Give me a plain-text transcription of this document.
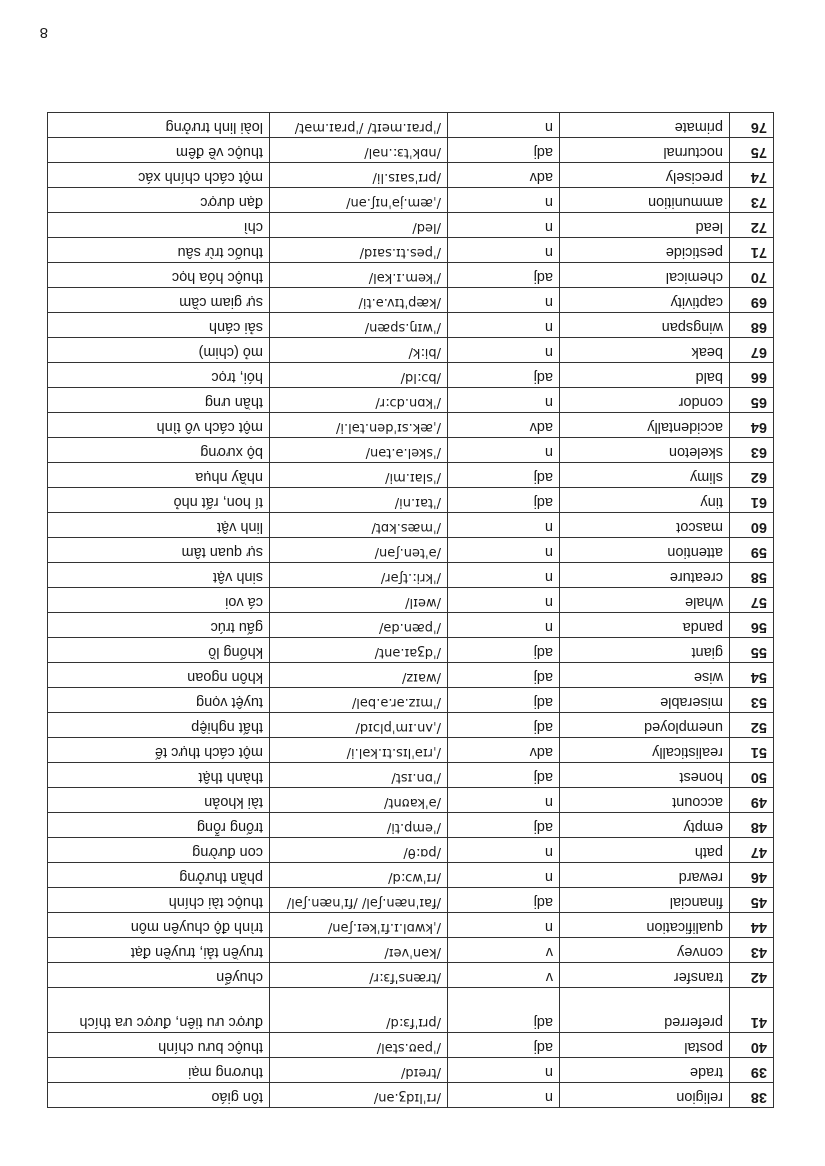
8
38	religion	n	/rɪˈlɪdʒ.ən/	tôn giáo
39	trade	n	/treɪd/	thương mại
40	postal	adj	/ˈpəʊ.stəl/	thuộc bưu chính
41	preferred	adj	/prɪˈfɜːd/	được ưu tiên, được ưa thích
42	transfer	v	/træns'fɜːr/	chuyển
43	convey	v	/kənˈveɪ/	truyền tải, truyền đạt
44	qualification	n	/ˌkwɒl.ɪ.fɪˈkeɪ.ʃən/	trình độ chuyên môn
45	financial	adj	/faɪˈnæn.ʃəl/ /fɪˈnæn.ʃəl/	thuộc tài chính
46	reward	n	/rɪˈwɔːd/	phần thưởng
47	path	n	/pɑːθ/	con đường
48	empty	adj	/ˈemp.ti/	trống rỗng
49	account	n	/əˈkaʊnt/	tài khoản
50	honest	adj	/ˈɒn.ɪst/	thành thật
51	realistically	adv	/ˌrɪəˈlɪs.tɪ.kəl.i/	một cách thực tế
52	unemployed	adj	/ˌʌn.ɪmˈplɔɪd/	thất nghiệp
53	miserable	adj	/ˈmɪz.ər.ə.bəl/	tuyệt vọng
54	wise	adj	/waɪz/	khôn ngoan
55	giant	adj	/ˈdʒaɪ.ənt/	khổng lồ
56	panda	n	/ˈpæn.də/	gấu trúc
57	whale	n	/weɪl/	cá voi
58	creature	n	/ˈkriː.tʃər/	sinh vật
59	attention	n	/əˈten.ʃən/	sự quan tâm
60	mascot	n	/ˈmæs.kɒt/	linh vật
61	tiny	adj	/ˈtaɪ.ni/	tí hon, rất nhỏ
62	slimy	adj	/ˈslaɪ.mi/	nhầy nhụa
63	skeleton	n	/ˈskel.ə.tən/	bộ xương
64	accidentally	adv	/ˌæk.sɪˈden.təl.i/	một cách vô tình
65	condor	n	/ˈkɒn.dɔːr/	thần ưng
66	bald	adj	/bɔːld/	hói, trọc
67	beak	n	/biːk/	mỏ (chim)
68	wingspan	n	/ˈwɪŋ.spæn/	sải cánh
69	captivity	n	/kæpˈtɪv.ə.ti/	sự giam cầm
70	chemical	adj	/ˈkem.ɪ.kəl/	thuộc hóa học
71	pesticide	n	/ˈpes.tɪ.saɪd/	thuốc trừ sâu
72	lead	n	/led/	chì
73	ammunition	n	/ˌæm.jəˈnɪʃ.ən/	đạn dược
74	precisely	adv	/prɪˈsaɪs.li/	một cách chính xác
75	nocturnal	adj	/nɒkˈtɜː.nəl/	thuộc về đêm
76	primate	n	/ˈpraɪ.meɪt/ /ˈpraɪ.mət/	loài linh trưởng
